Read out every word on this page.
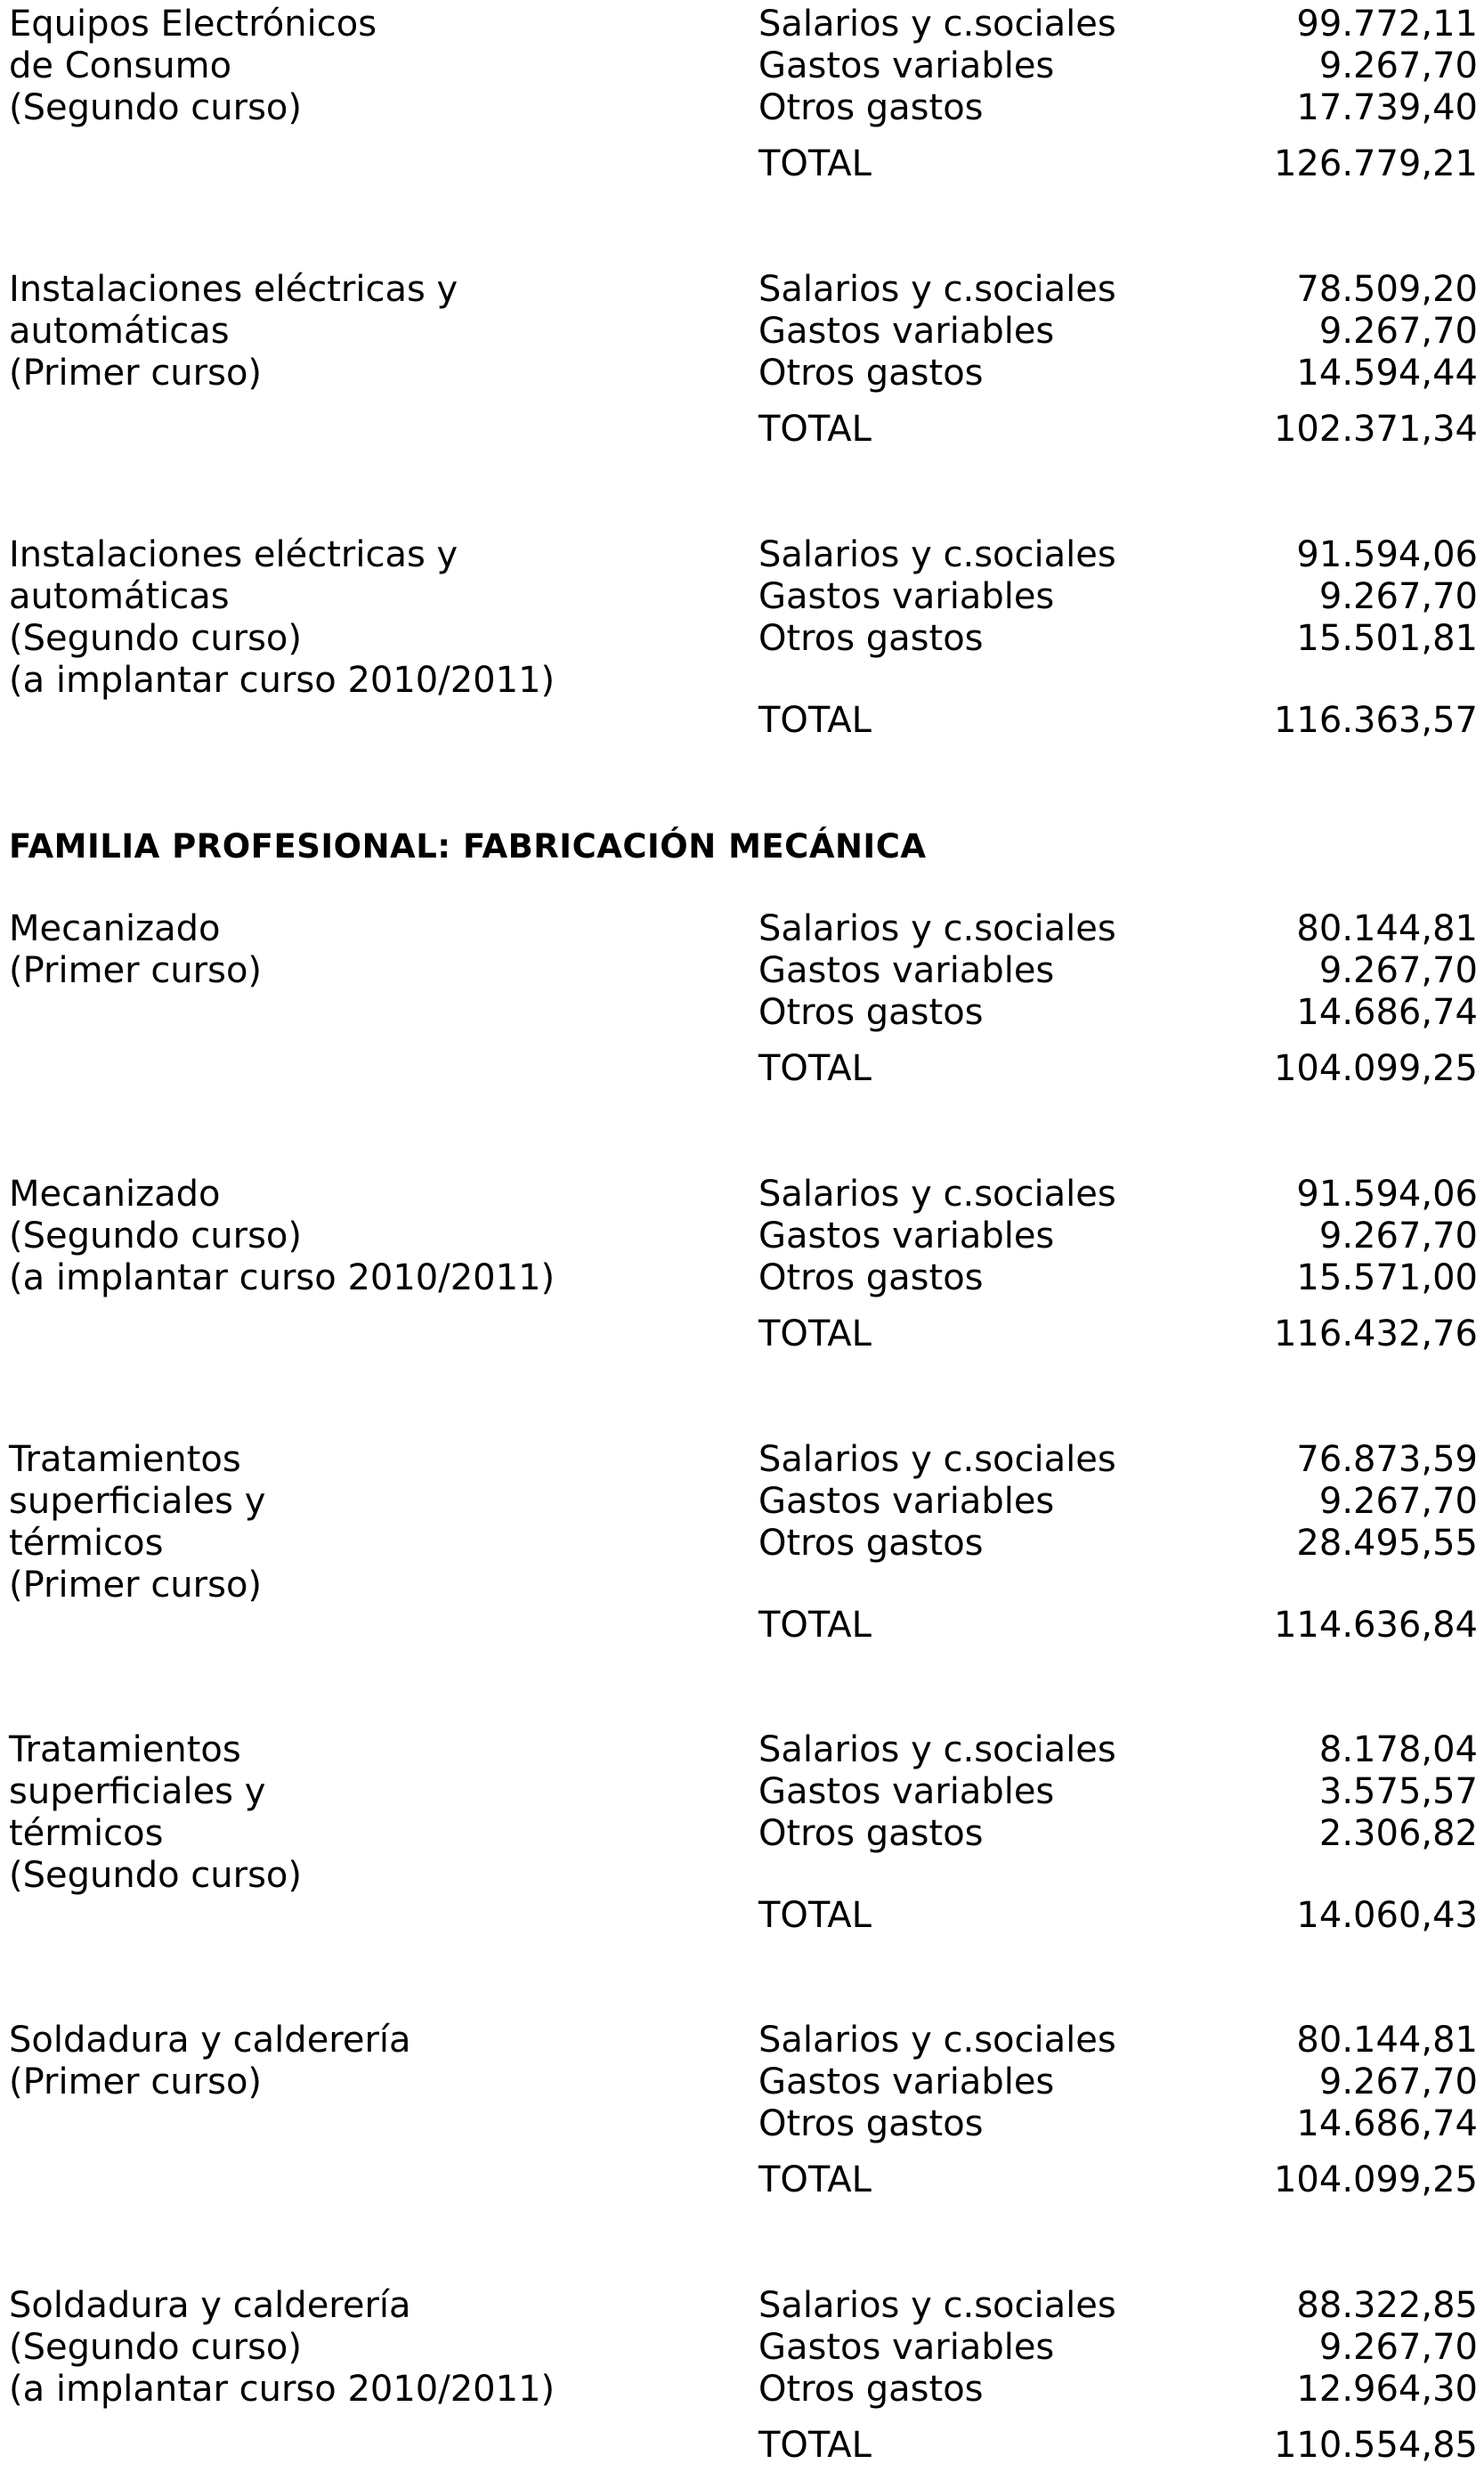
Equipos Electrónicos
de Consumo
(Segundo curso)
Salarios y c.sociales	99.772,11
Gastos variables	9.267,70
Otros gastos	17.739,40
TOTAL	126.779,21
Instalaciones eléctricas y
automáticas
(Primer curso)
Salarios y c.sociales	78.509,20
Gastos variables	9.267,70
Otros gastos	14.594,44
TOTAL	102.371,34
Instalaciones eléctricas y
automáticas
(Segundo curso)
(a implantar curso 2010/2011)
Salarios y c.sociales	91.594,06
Gastos variables	9.267,70
Otros gastos	15.501,81
TOTAL	116.363,57
FAMILIA PROFESIONAL: FABRICACIÓN MECÁNICA
Mecanizado
(Primer curso)
Salarios y c.sociales	80.144,81
Gastos variables	9.267,70
Otros gastos	14.686,74
TOTAL	104.099,25
Mecanizado
(Segundo curso)
(a implantar curso 2010/2011)
Salarios y c.sociales	91.594,06
Gastos variables	9.267,70
Otros gastos	15.571,00
TOTAL	116.432,76
Tratamientos
superficiales y
térmicos
(Primer curso)
Salarios y c.sociales	76.873,59
Gastos variables	9.267,70
Otros gastos	28.495,55
TOTAL	114.636,84
Tratamientos
superficiales y
térmicos
(Segundo curso)
Salarios y c.sociales	8.178,04
Gastos variables	3.575,57
Otros gastos	2.306,82
TOTAL	14.060,43
Soldadura y calderería
(Primer curso)
Salarios y c.sociales	80.144,81
Gastos variables	9.267,70
Otros gastos	14.686,74
TOTAL	104.099,25
Soldadura y calderería
(Segundo curso)
(a implantar curso 2010/2011)
Salarios y c.sociales	88.322,85
Gastos variables	9.267,70
Otros gastos	12.964,30
TOTAL	110.554,85
